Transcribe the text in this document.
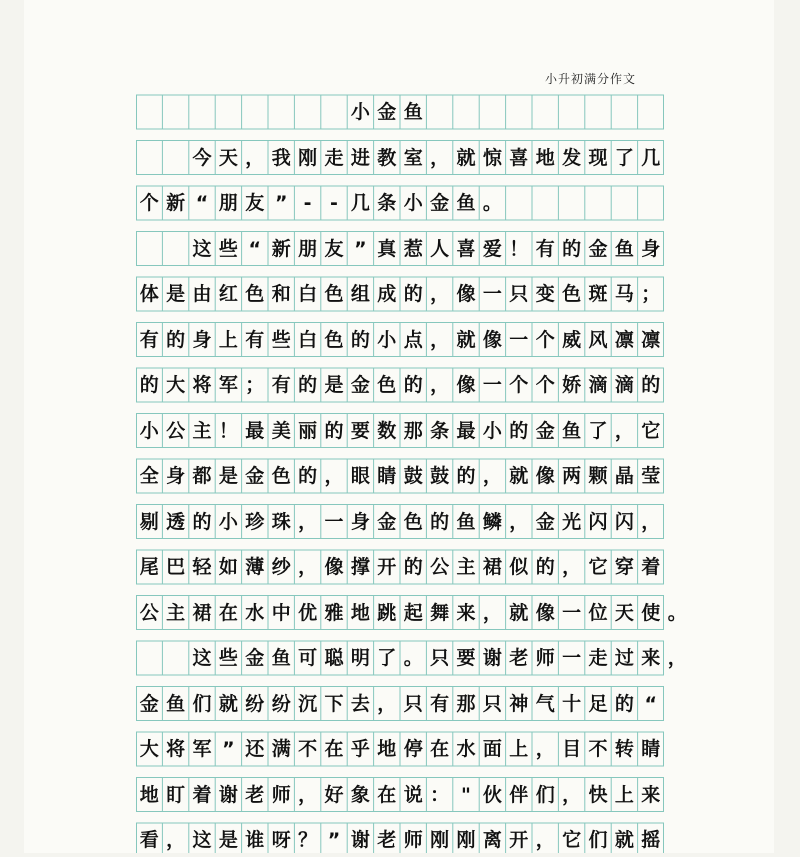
小升初满分作文
小 金 鱼

今 天 ， 我 刚 走 进 教 室 ， 就 惊 喜 地 发 现 了 几
个 新 “ 朋 友 ” - - 几 条 小 金 鱼 。

这 些 “ 新 朋 友 ” 真 惹 人 喜 爱 ！ 有 的 金 鱼 身
体 是 由 红 色 和 白 色 组 成 的 ， 像 一 只 变 色 斑 马 ；
有 的 身 上 有 些 白 色 的 小 点 ， 就 像 一 个 威 风 凛 凛
的 大 将 军 ； 有 的 是 金 色 的 ， 像 一 个 个 娇 滴 滴 的
小 公 主 ！ 最 美 丽 的 要 数 那 条 最 小 的 金 鱼 了 ， 它
全 身 都 是 金 色 的 ， 眼 睛 鼓 鼓 的 ， 就 像 两 颗 晶 莹
剔 透 的 小 珍 珠 ， 一 身 金 色 的 鱼 鳞 ， 金 光 闪 闪 ，
尾 巴 轻 如 薄 纱 ， 像 撑 开 的 公 主 裙 似 的 ， 它 穿 着
公 主 裙 在 水 中 优 雅 地 跳 起 舞 来 ， 就 像 一 位 天 使 。

这 些 金 鱼 可 聪 明 了 。 只 要 谢 老 师 一 走 过 来 ，
金 鱼 们 就 纷 纷 沉 下 去 ， 只 有 那 只 神 气 十 足 的 “
大 将 军 ” 还 满 不 在 乎 地 停 在 水 面 上 ， 目 不 转 睛
地 盯 着 谢 老 师 ， 好 象 在 说 ： " 伙 伴 们 ， 快 上 来
看 ， 这 是 谁 呀 ？ ” 谢 老 师 刚 刚 离 开 ， 它 们 就 摇
